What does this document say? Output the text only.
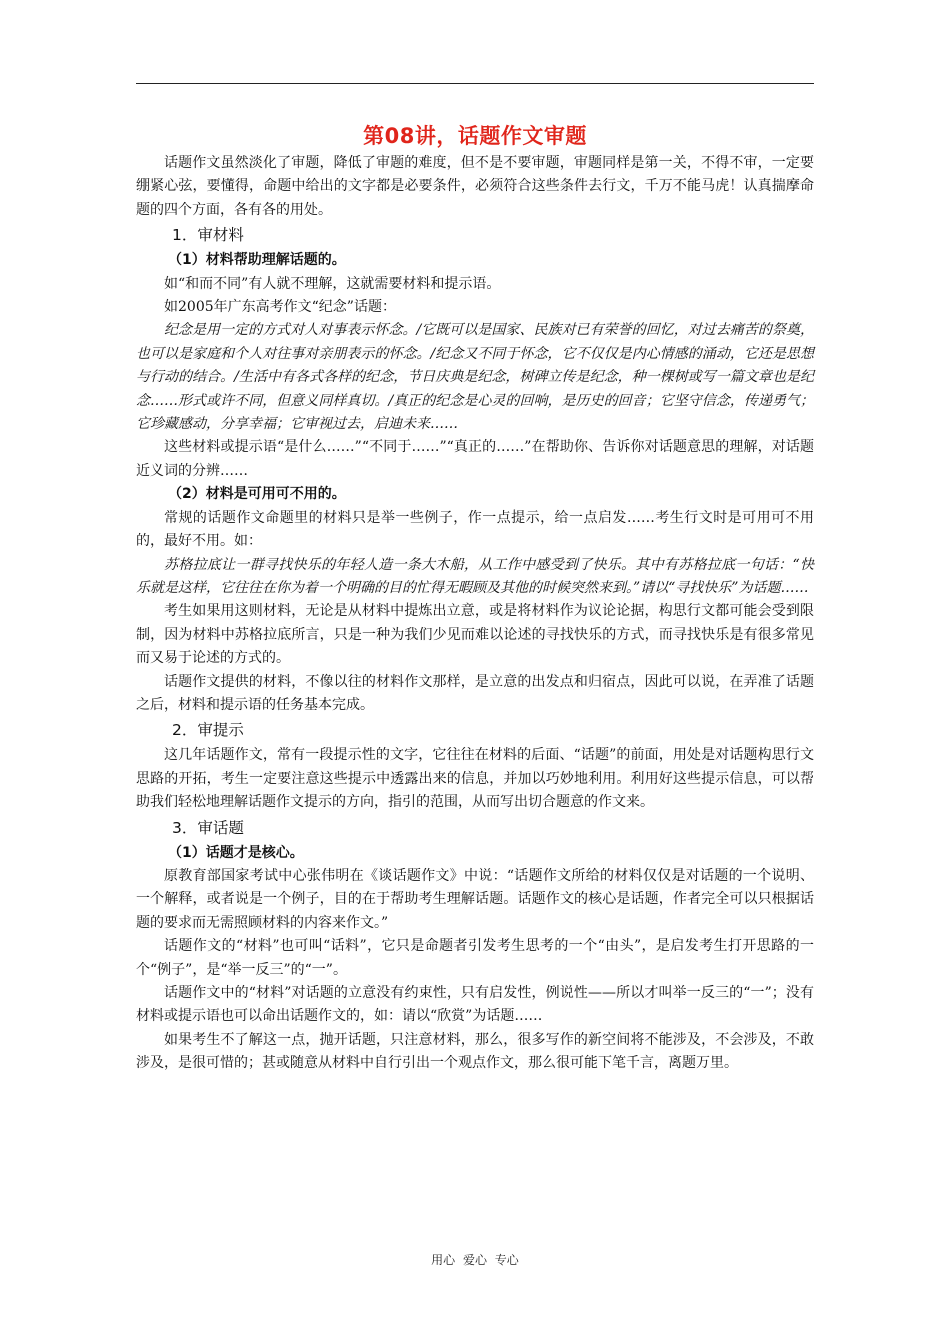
第08讲，话题作文审题

话题作文虽然淡化了审题，降低了审题的难度，但不是不要审题，审题同样是第一关，不得不审，一定要绷紧心弦，要懂得，命题中给出的文字都是必要条件，必须符合这些条件去行文，千万不能马虎！认真揣摩命题的四个方面，各有各的用处。

1．审材料
（1）材料帮助理解话题的。

如“和而不同”有人就不理解，这就需要材料和提示语。

如2005年广东高考作文“纪念”话题：

纪念是用一定的方式对人对事表示怀念。/它既可以是国家、民族对已有荣誉的回忆，对过去痛苦的祭奠，也可以是家庭和个人对往事对亲朋表示的怀念。/纪念又不同于怀念，它不仅仅是内心情感的涌动，它还是思想与行动的结合。/生活中有各式各样的纪念，节日庆典是纪念，树碑立传是纪念，种一棵树或写一篇文章也是纪念……形式或许不同，但意义同样真切。/真正的纪念是心灵的回响，是历史的回音；它坚守信念，传递勇气；它珍藏感动，分享幸福；它审视过去，启迪未来……

这些材料或提示语“是什么……”“不同于……”“真正的……”在帮助你、告诉你对话题意思的理解，对话题近义词的分辨……

（2）材料是可用可不用的。

常规的话题作文命题里的材料只是举一些例子，作一点提示，给一点启发……考生行文时是可用可不用的，最好不用。如：

苏格拉底让一群寻找快乐的年轻人造一条大木船，从工作中感受到了快乐。其中有苏格拉底一句话：“快乐就是这样，它往往在你为着一个明确的目的忙得无暇顾及其他的时候突然来到。”请以“寻找快乐”为话题……

考生如果用这则材料，无论是从材料中提炼出立意，或是将材料作为议论论据，构思行文都可能会受到限制，因为材料中苏格拉底所言，只是一种为我们少见而难以论述的寻找快乐的方式，而寻找快乐是有很多常见而又易于论述的方式的。

话题作文提供的材料，不像以往的材料作文那样，是立意的出发点和归宿点，因此可以说，在弄准了话题之后，材料和提示语的任务基本完成。

2．审提示

这几年话题作文，常有一段提示性的文字，它往往在材料的后面、“话题”的前面，用处是对话题构思行文思路的开拓，考生一定要注意这些提示中透露出来的信息，并加以巧妙地利用。利用好这些提示信息，可以帮助我们轻松地理解话题作文提示的方向，指引的范围，从而写出切合题意的作文来。

3．审话题
（1）话题才是核心。

原教育部国家考试中心张伟明在《谈话题作文》中说：“话题作文所给的材料仅仅是对话题的一个说明、一个解释，或者说是一个例子，目的在于帮助考生理解话题。话题作文的核心是话题，作者完全可以只根据话题的要求而无需照顾材料的内容来作文。”

话题作文的“材料”也可叫“话料”，它只是命题者引发考生思考的一个“由头”，是启发考生打开思路的一个“例子”，是“举一反三”的“一”。

话题作文中的“材料”对话题的立意没有约束性，只有启发性，例说性——所以才叫举一反三的“一”；没有材料或提示语也可以命出话题作文的，如：请以“欣赏”为话题……

如果考生不了解这一点，抛开话题，只注意材料，那么，很多写作的新空间将不能涉及，不会涉及，不敢涉及，是很可惜的；甚或随意从材料中自行引出一个观点作文，那么很可能下笔千言，离题万里。

用心 爱心 专心
